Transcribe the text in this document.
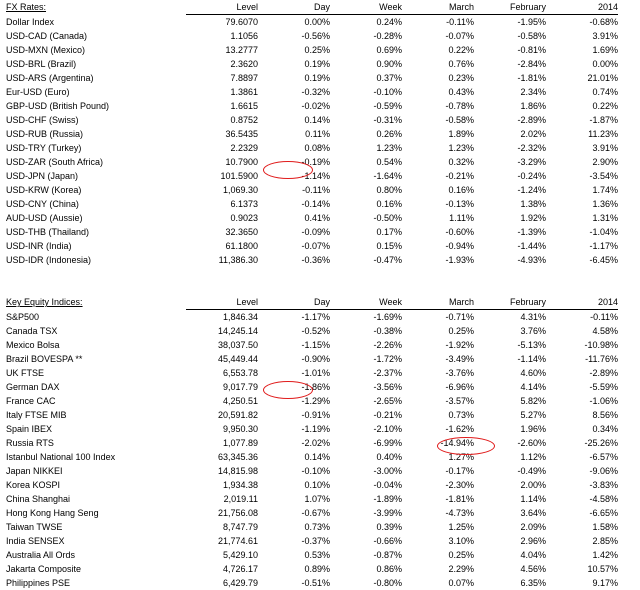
FX Rates:	Level	Day	Week	March	February	2014
Dollar Index	79.6070	0.00%	0.24%	-0.11%	-1.95%	-0.68%
USD-CAD (Canada)	1.1056	-0.56%	-0.28%	-0.07%	-0.58%	3.91%
USD-MXN (Mexico)	13.2777	0.25%	0.69%	0.22%	-0.81%	1.69%
USD-BRL (Brazil)	2.3620	0.19%	0.90%	0.76%	-2.84%	0.00%
USD-ARS (Argentina)	7.8897	0.19%	0.37%	0.23%	-1.81%	21.01%
Eur-USD (Euro)	1.3861	-0.32%	-0.10%	0.43%	2.34%	0.74%
GBP-USD (British Pound)	1.6615	-0.02%	-0.59%	-0.78%	1.86%	0.22%
USD-CHF (Swiss)	0.8752	0.14%	-0.31%	-0.58%	-2.89%	-1.87%
USD-RUB (Russia)	36.5435	0.11%	0.26%	1.89%	2.02%	11.23%
USD-TRY (Turkey)	2.2329	0.08%	1.23%	1.23%	-2.32%	3.91%
USD-ZAR (South Africa)	10.7900	-0.19%	0.54%	0.32%	-3.29%	2.90%
USD-JPN (Japan)	101.5900	-1.14%	-1.64%	-0.21%	-0.24%	-3.54%
USD-KRW (Korea)	1,069.30	-0.11%	0.80%	0.16%	-1.24%	1.74%
USD-CNY (China)	6.1373	-0.14%	0.16%	-0.13%	1.38%	1.36%
AUD-USD (Aussie)	0.9023	0.41%	-0.50%	1.11%	1.92%	1.31%
USD-THB (Thailand)	32.3650	-0.09%	0.17%	-0.60%	-1.39%	-1.04%
USD-INR (India)	61.1800	-0.07%	0.15%	-0.94%	-1.44%	-1.17%
USD-IDR (Indonesia)	11,386.30	-0.36%	-0.47%	-1.93%	-4.93%	-6.45%
Key Equity Indices:	Level	Day	Week	March	February	2014
S&P500	1,846.34	-1.17%	-1.69%	-0.71%	4.31%	-0.11%
Canada TSX	14,245.14	-0.52%	-0.38%	0.25%	3.76%	4.58%
Mexico Bolsa	38,037.50	-1.15%	-2.26%	-1.92%	-5.13%	-10.98%
Brazil BOVESPA **	45,449.44	-0.90%	-1.72%	-3.49%	-1.14%	-11.76%
UK FTSE	6,553.78	-1.01%	-2.37%	-3.76%	4.60%	-2.89%
German DAX	9,017.79	-1.86%	-3.56%	-6.96%	4.14%	-5.59%
France CAC	4,250.51	-1.29%	-2.65%	-3.57%	5.82%	-1.06%
Italy FTSE MIB	20,591.82	-0.91%	-0.21%	0.73%	5.27%	8.56%
Spain IBEX	9,950.30	-1.19%	-2.10%	-1.62%	1.96%	0.34%
Russia RTS	1,077.89	-2.02%	-6.99%	-14.94%	-2.60%	-25.26%
Istanbul National 100 Index	63,345.36	0.14%	0.40%	1.27%	1.12%	-6.57%
Japan NIKKEI	14,815.98	-0.10%	-3.00%	-0.17%	-0.49%	-9.06%
Korea KOSPI	1,934.38	0.10%	-0.04%	-2.30%	2.00%	-3.83%
China Shanghai	2,019.11	1.07%	-1.89%	-1.81%	1.14%	-4.58%
Hong Kong Hang Seng	21,756.08	-0.67%	-3.99%	-4.73%	3.64%	-6.65%
Taiwan TWSE	8,747.79	0.73%	0.39%	1.25%	2.09%	1.58%
India SENSEX	21,774.61	-0.37%	-0.66%	3.10%	2.96%	2.85%
Australia All Ords	5,429.10	0.53%	-0.87%	0.25%	4.04%	1.42%
Jakarta Composite	4,726.17	0.89%	0.86%	2.29%	4.56%	10.57%
Philippines PSE	6,429.79	-0.51%	-0.80%	0.07%	6.35%	9.17%
